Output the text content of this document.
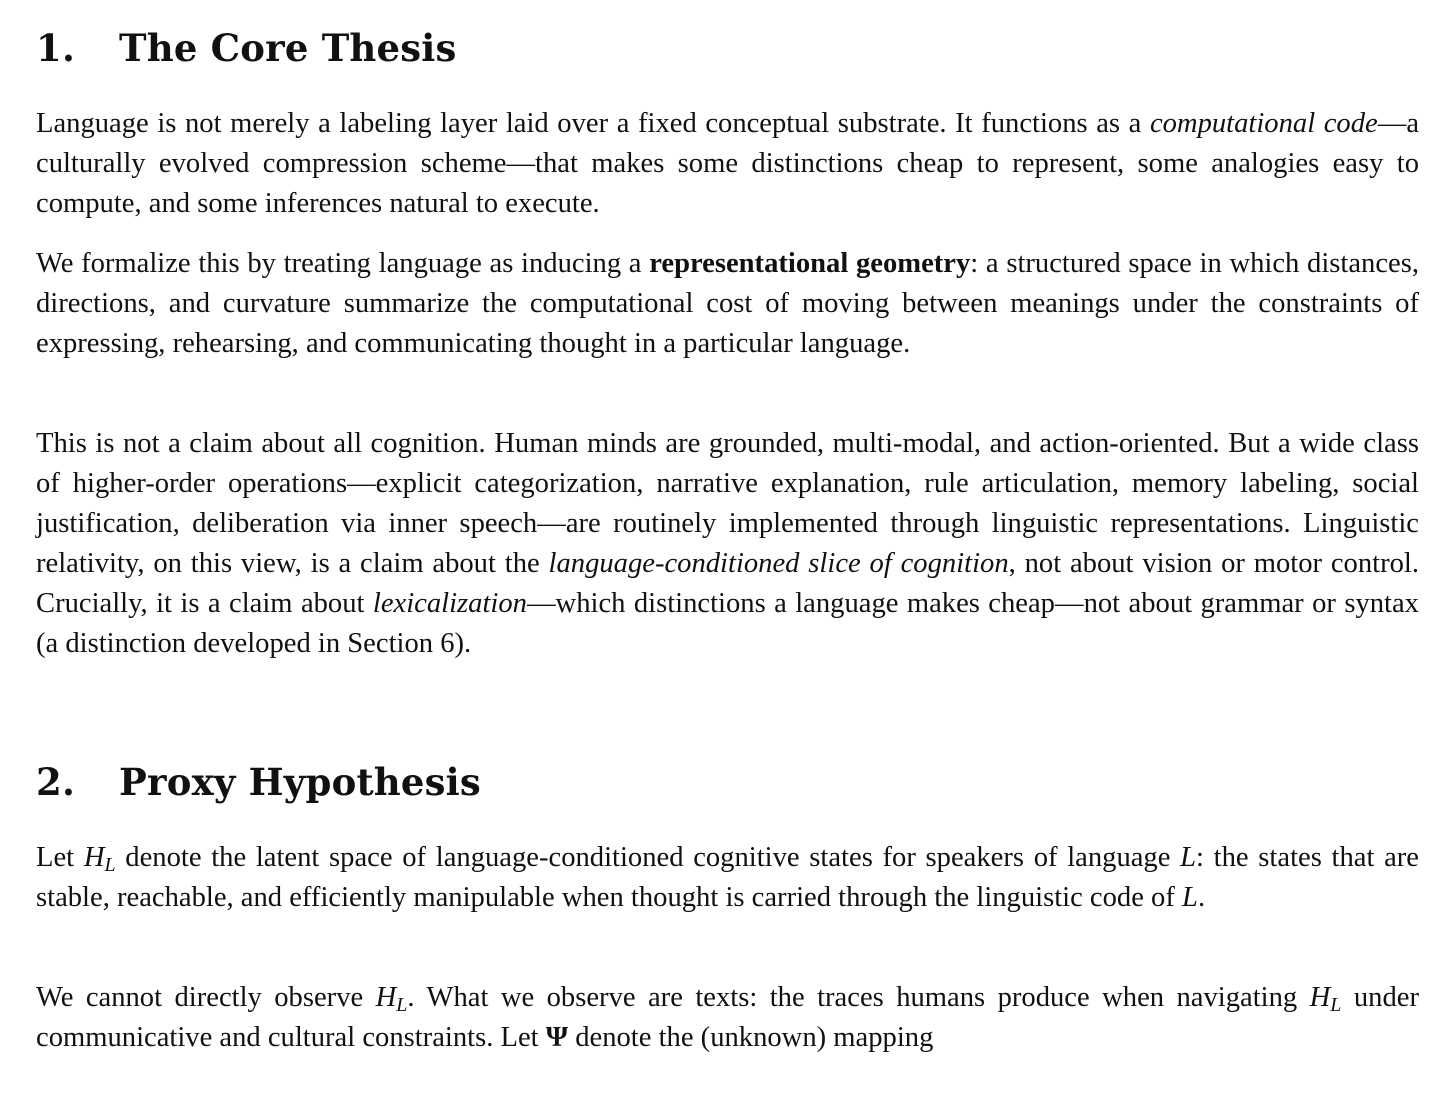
1. The Core Thesis

Language is not merely a labeling layer laid over a fixed conceptual substrate. It functions as a computational code—a culturally evolved compression scheme—that makes some distinctions cheap to represent, some analogies easy to compute, and some inferences natural to execute.

We formalize this by treating language as inducing a representational geometry: a structured space in which distances, directions, and curvature summarize the computational cost of moving between meanings under the constraints of expressing, rehearsing, and communicating thought in a particular language.

This is not a claim about all cognition. Human minds are grounded, multi-modal, and action-oriented. But a wide class of higher-order operations—explicit categorization, narrative explanation, rule articulation, memory labeling, social justification, deliberation via inner speech—are routinely implemented through linguistic representations. Linguistic relativity, on this view, is a claim about the language-conditioned slice of cognition, not about vision or motor control. Crucially, it is a claim about lexicalization—which distinctions a language makes cheap—not about grammar or syntax (a distinction developed in Section 6).

2. Proxy Hypothesis

Let $H_L$ denote the latent space of language-conditioned cognitive states for speakers of language L: the states that are stable, reachable, and efficiently manipulable when thought is carried through the linguistic code of L.

We cannot directly observe $H_L$. What we observe are texts: the traces humans produce when navigating $H_L$ under communicative and cultural constraints. Let Ψ denote the (unknown) mapping
